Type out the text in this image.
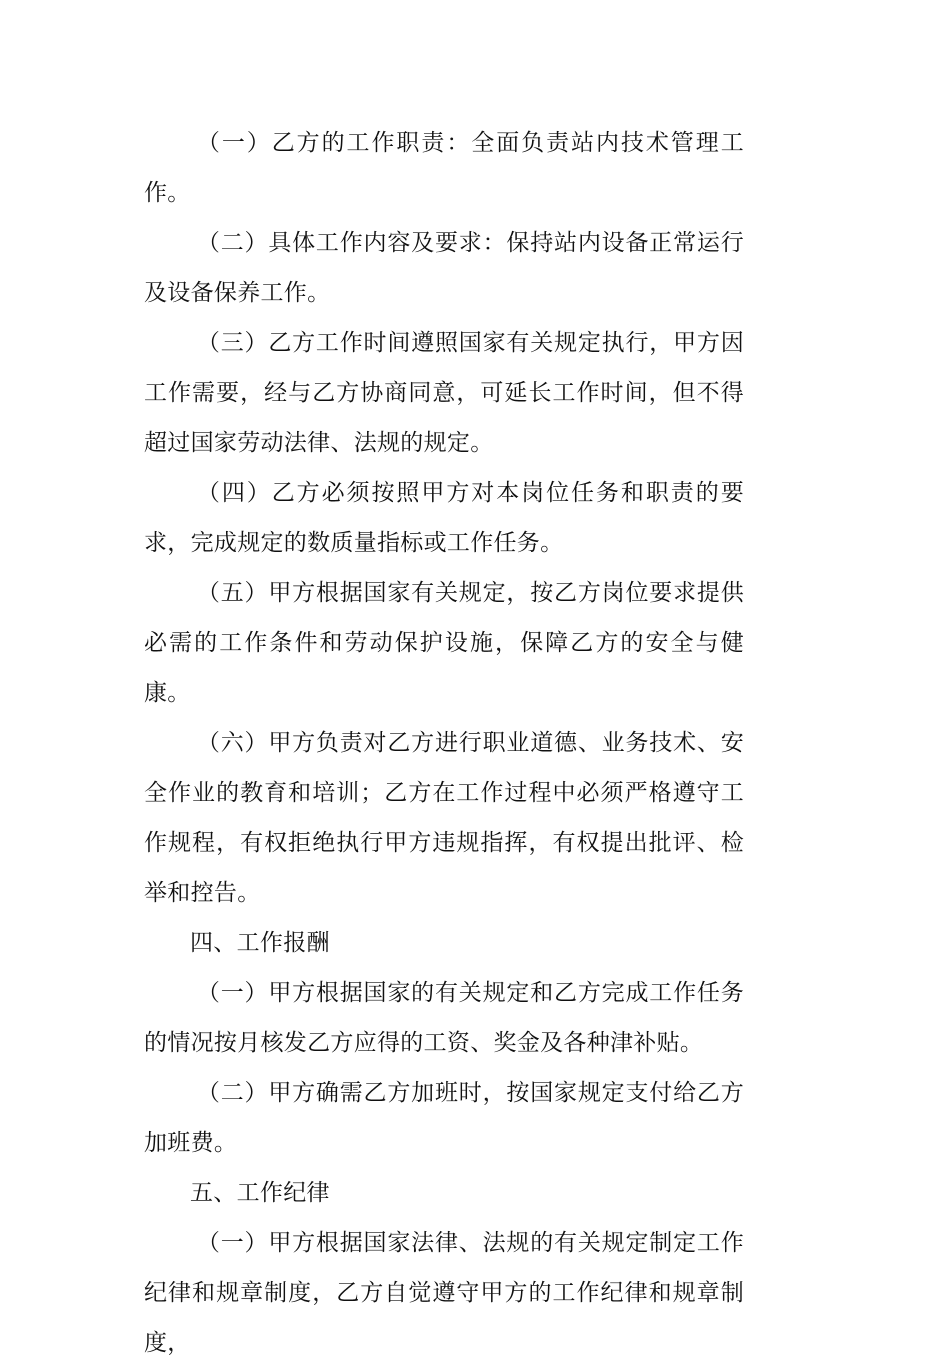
（一）乙方的工作职责：全面负责站内技术管理工作。

（二）具体工作内容及要求：保持站内设备正常运行及设备保养工作。

（三）乙方工作时间遵照国家有关规定执行，甲方因工作需要，经与乙方协商同意，可延长工作时间，但不得超过国家劳动法律、法规的规定。

（四）乙方必须按照甲方对本岗位任务和职责的要求，完成规定的数质量指标或工作任务。

（五）甲方根据国家有关规定，按乙方岗位要求提供必需的工作条件和劳动保护设施，保障乙方的安全与健康。

（六）甲方负责对乙方进行职业道德、业务技术、安全作业的教育和培训；乙方在工作过程中必须严格遵守工作规程，有权拒绝执行甲方违规指挥，有权提出批评、检举和控告。

四、工作报酬

（一）甲方根据国家的有关规定和乙方完成工作任务的情况按月核发乙方应得的工资、奖金及各种津补贴。

（二）甲方确需乙方加班时，按国家规定支付给乙方加班费。

五、工作纪律

（一）甲方根据国家法律、法规的有关规定制定工作纪律和规章制度，乙方自觉遵守甲方的工作纪律和规章制度，
